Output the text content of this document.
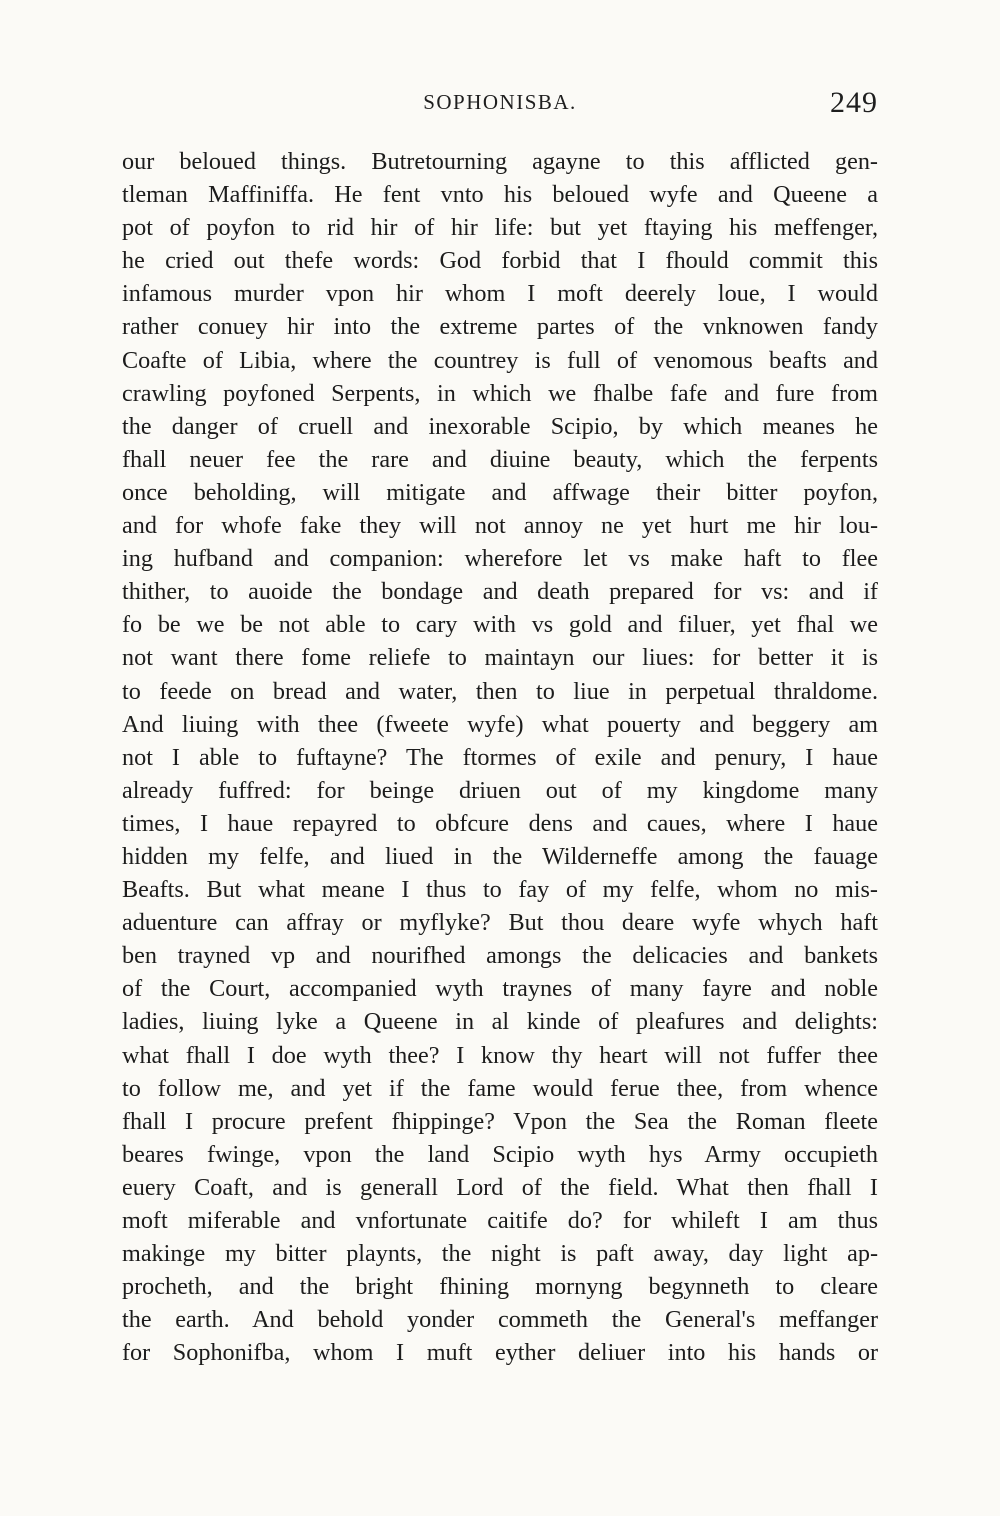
SOPHONISBA.	249
our beloued things. Butretourning agayne to this afflicted gen-
tleman Maffiniffa. He fent vnto his beloued wyfe and Queene a
pot of poyfon to rid hir of hir life: but yet ftaying his meffenger,
he cried out thefe words: God forbid that I fhould commit this
infamous murder vpon hir whom I moft deerely loue, I would
rather conuey hir into the extreme partes of the vnknowen fandy
Coafte of Libia, where the countrey is full of venomous beafts and
crawling poyfoned Serpents, in which we fhalbe fafe and fure from
the danger of cruell and inexorable Scipio, by which meanes he
fhall neuer fee the rare and diuine beauty, which the ferpents
once beholding, will mitigate and affwage their bitter poyfon,
and for whofe fake they will not annoy ne yet hurt me hir lou-
ing hufband and companion: wherefore let vs make haft to flee
thither, to auoide the bondage and death prepared for vs: and if
fo be we be not able to cary with vs gold and filuer, yet fhal we
not want there fome reliefe to maintayn our liues: for better it is
to feede on bread and water, then to liue in perpetual thraldome.
And liuing with thee (fweete wyfe) what pouerty and beggery am
not I able to fuftayne? The ftormes of exile and penury, I haue
already fuffred: for beinge driuen out of my kingdome many
times, I haue repayred to obfcure dens and caues, where I haue
hidden my felfe, and liued in the Wilderneffe among the fauage
Beafts. But what meane I thus to fay of my felfe, whom no mis-
aduenture can affray or myflyke? But thou deare wyfe whych haft
ben trayned vp and nourifhed amongs the delicacies and bankets
of the Court, accompanied wyth traynes of many fayre and noble
ladies, liuing lyke a Queene in al kinde of pleafures and delights:
what fhall I doe wyth thee? I know thy heart will not fuffer thee
to follow me, and yet if the fame would ferue thee, from whence
fhall I procure prefent fhippinge? Vpon the Sea the Roman fleete
beares fwinge, vpon the land Scipio wyth hys Army occupieth
euery Coaft, and is generall Lord of the field. What then fhall I
moft miferable and vnfortunate caitife do? for whileft I am thus
makinge my bitter playnts, the night is paft away, day light ap-
procheth, and the bright fhining mornyng begynneth to cleare
the earth. And behold yonder commeth the General's meffanger
for Sophonifba, whom I muft eyther deliuer into his hands or
